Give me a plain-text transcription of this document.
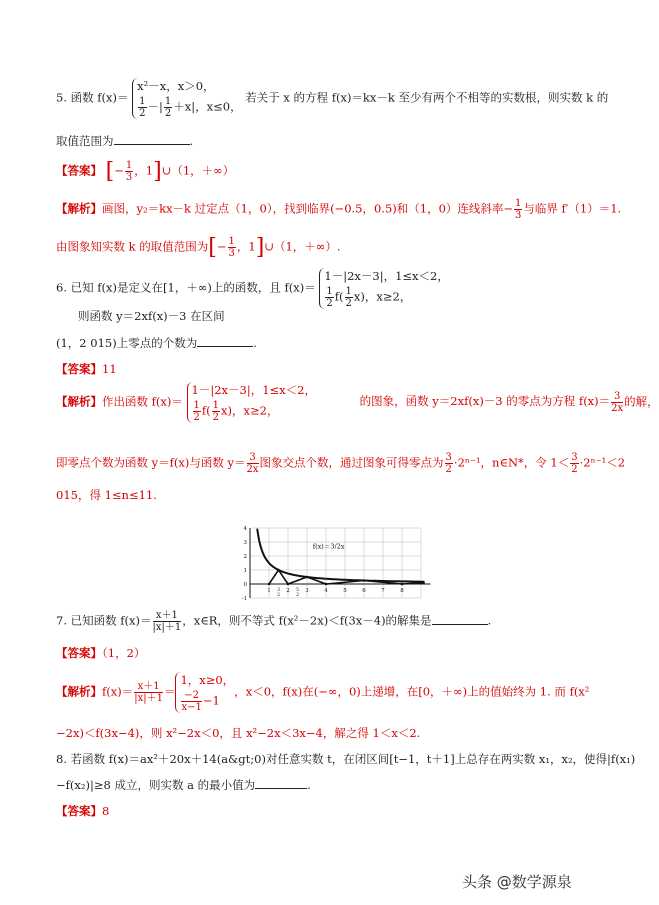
5. 函数 f(x)＝
x²－x，x＞0，
$\frac{1}{2}$ －| $\frac{1}{2} +x|$，x≤0，
若关于 x 的方程 f(x)＝kx－k 至少有两个不相等的实数根，则实数 k 的
取值范围为	.
【答案】 [− $\frac{1}{3}$ ，1]∪（1，＋∞）
【解析】画图，y₂＝kx－k 过定点（1，0），找到临界(−0.5，0.5)和（1，0）连线斜率− $\frac{1}{3}$ 与临界 f′（1）＝1.
由图象知实数 k 的取值范围为[− $\frac{1}{3}$ ，1]∪（1，＋∞）.
6. 已知 f(x)是定义在[1，＋∞)上的函数，且 f(x)＝
1－|2x－3|，1≤x＜2，
$\frac{1}{2} f( \frac{1}{2} x)$，x≥2，
则函数 y＝2xf(x)－3 在区间
(1，2 015)上零点的个数为	.
【答案】11
【解析】作出函数 f(x)＝
1－|2x－3|，1≤x＜2，
$\frac{1}{2} f( \frac{1}{2} x)$，x≥2，
的图象，函数 y＝2xf(x)－3 的零点为方程 $f(x)= \frac{3}{2x}$ 的解，
即零点个数为函数 y＝f(x)与函数 $y= \frac{3}{2x}$ 图象交点个数，通过图象可得零点为 $\frac{3}{2} \cdot 2^{n-1}$，n∈N*，令 $1< \frac{3}{2} \cdot 2^{n-1}<2$
015，得 1≤n≤11.
4
3
2
1
0
-1
1	2	3	4	5	6	7	8
3
2
5
2
f(x)＝3/2x
7. 已知函数 $f(x)= \frac{x+1}{|x|+1}$ ，x∈R，则不等式 f(x²－2x)＜f(3x－4)的解集是	.
【答案】（1，2）
【解析】$f(x)= \frac{x+1}{|x|+1}$ ＝
1，x≥0，
$\frac{-2}{x-1} -1$
，x＜0，f(x)在(−∞，0)上递增，在[0，＋∞)上的值始终为 1. 而 f(x²
−2x)＜f(3x−4)，则 x²−2x＜0，且 x²−2x＜3x−4，解之得 1＜x＜2.
8. 若函数 f(x)＝ax²＋20x＋14(a&gt;0)对任意实数 t，在闭区间[t−1，t＋1]上总存在两实数 x₁，x₂，使得|f(x₁)
−f(x₂)|≥8 成立，则实数 a 的最小值为	.
【答案】8
头条 @数学源泉
